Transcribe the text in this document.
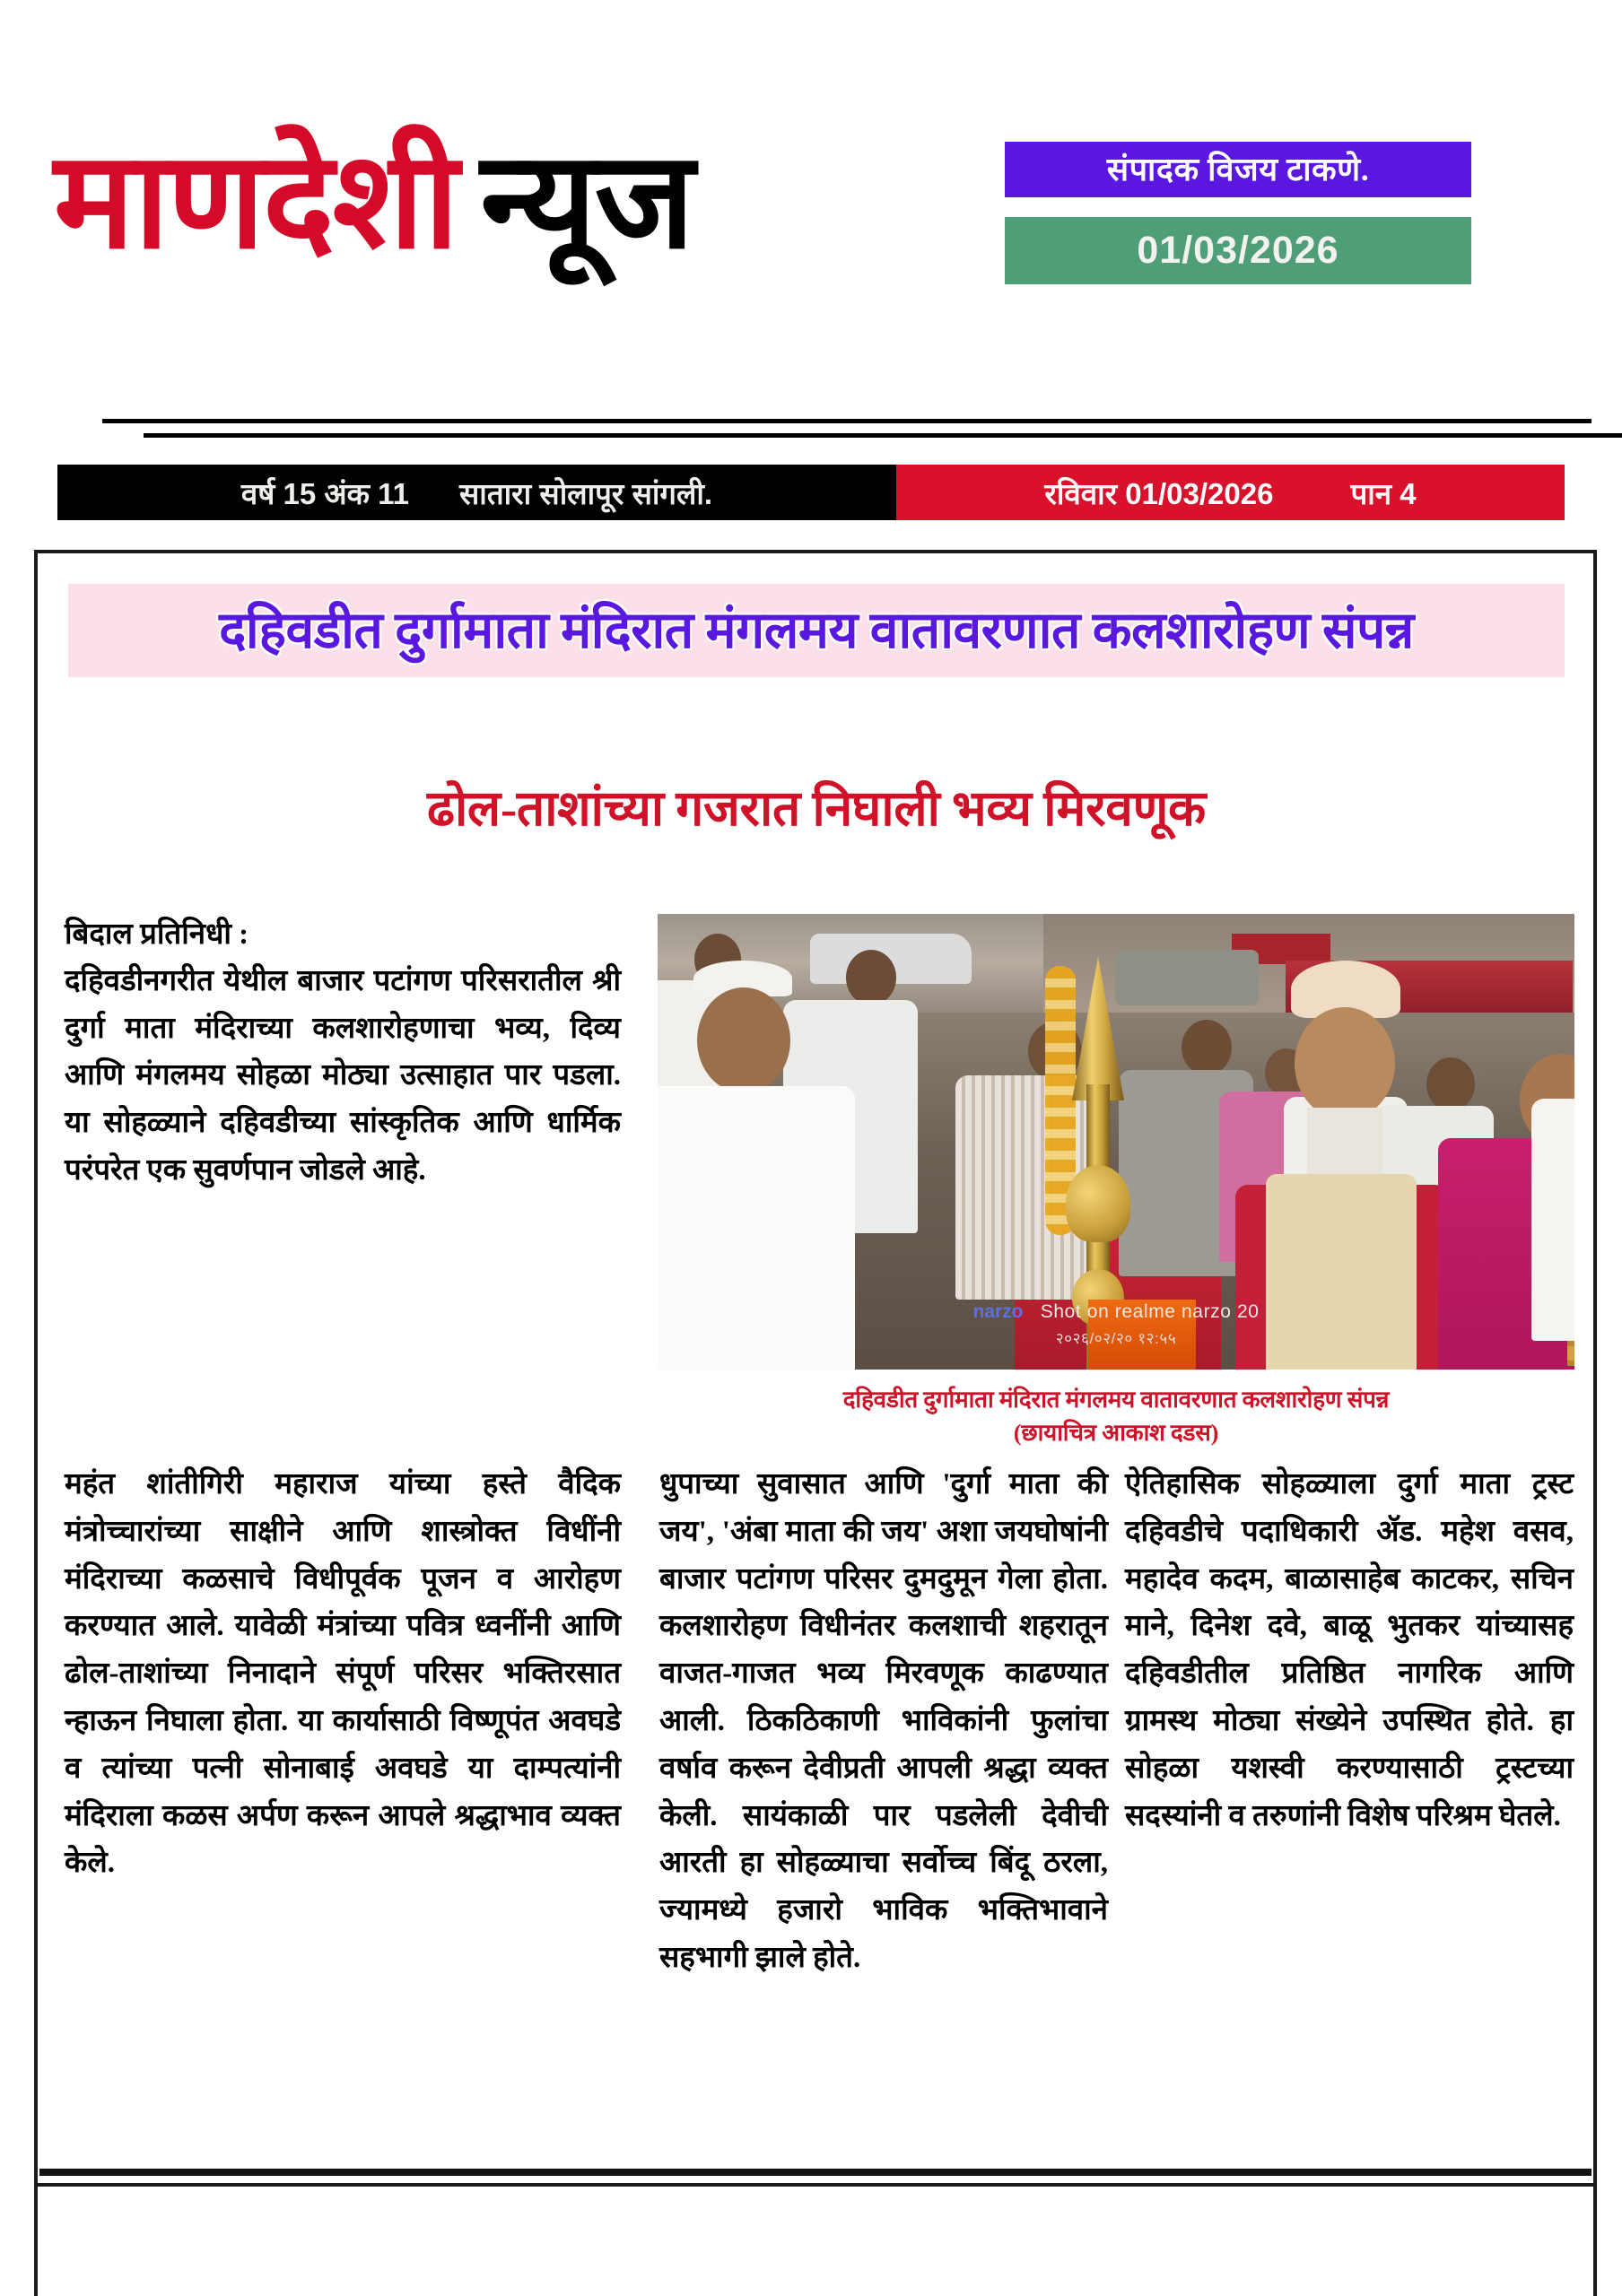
माणदेशी न्यूज	संपादक विजय टाकणे.
01/03/2026
वर्ष 15 अंक 11 सातारा सोलापूर सांगली.	रविवार 01/03/2026	पान 4
दहिवडीत दुर्गामाता मंदिरात मंगलमय वातावरणात कलशारोहण संपन्न
ढोल-ताशांच्या गजरात निघाली भव्य मिरवणूक
बिदाल प्रतिनिधी :
दहिवडीनगरीत येथील बाजार पटांगण परिसरातील श्री दुर्गा माता मंदिराच्या कलशारोहणाचा भव्य, दिव्य आणि मंगलमय सोहळा मोठ्या उत्साहात पार पडला. या सोहळ्याने दहिवडीच्या सांस्कृतिक आणि धार्मिक परंपरेत एक सुवर्णपान जोडले आहे.
महंत शांतीगिरी महाराज यांच्या हस्ते वैदिक मंत्रोच्चारांच्या साक्षीने आणि शास्त्रोक्त विधींनी मंदिराच्या कळसाचे विधीपूर्वक पूजन व आरोहण करण्यात आले. यावेळी मंत्रांच्या पवित्र ध्वनींनी आणि ढोल-ताशांच्या निनादाने संपूर्ण परिसर भक्तिरसात न्हाऊन निघाला होता. या कार्यासाठी विष्णूपंत अवघडे व त्यांच्या पत्नी सोनाबाई अवघडे या दाम्पत्यांनी मंदिराला कळस अर्पण करून आपले श्रद्धाभाव व्यक्त केले.
धुपाच्या सुवासात आणि 'दुर्गा माता की जय', 'अंबा माता की जय' अशा जयघोषांनी बाजार पटांगण परिसर दुमदुमून गेला होता. कलशारोहण विधीनंतर कलशाची शहरातून वाजत-गाजत भव्य मिरवणूक काढण्यात आली. ठिकठिकाणी भाविकांनी फुलांचा वर्षाव करून देवीप्रती आपली श्रद्धा व्यक्त केली. सायंकाळी पार पडलेली देवीची आरती हा सोहळ्याचा सर्वोच्च बिंदू ठरला, ज्यामध्ये हजारो भाविक भक्तिभावाने सहभागी झाले होते.
ऐतिहासिक सोहळ्याला दुर्गा माता ट्रस्ट दहिवडीचे पदाधिकारी ॲड. महेश वसव, महादेव कदम, बाळासाहेब काटकर, सचिन माने, दिनेश दवे, बाळू भुतकर यांच्यासह दहिवडीतील प्रतिष्ठित नागरिक आणि ग्रामस्थ मोठ्या संख्येने उपस्थित होते. हा सोहळा यशस्वी करण्यासाठी ट्रस्टच्या सदस्यांनी व तरुणांनी विशेष परिश्रम घेतले.
narzo Shot on realme narzo 20
२०२६/०२/२० १२:५५
दहिवडीत दुर्गामाता मंदिरात मंगलमय वातावरणात कलशारोहण संपन्न
(छायाचित्र आकाश दडस)
